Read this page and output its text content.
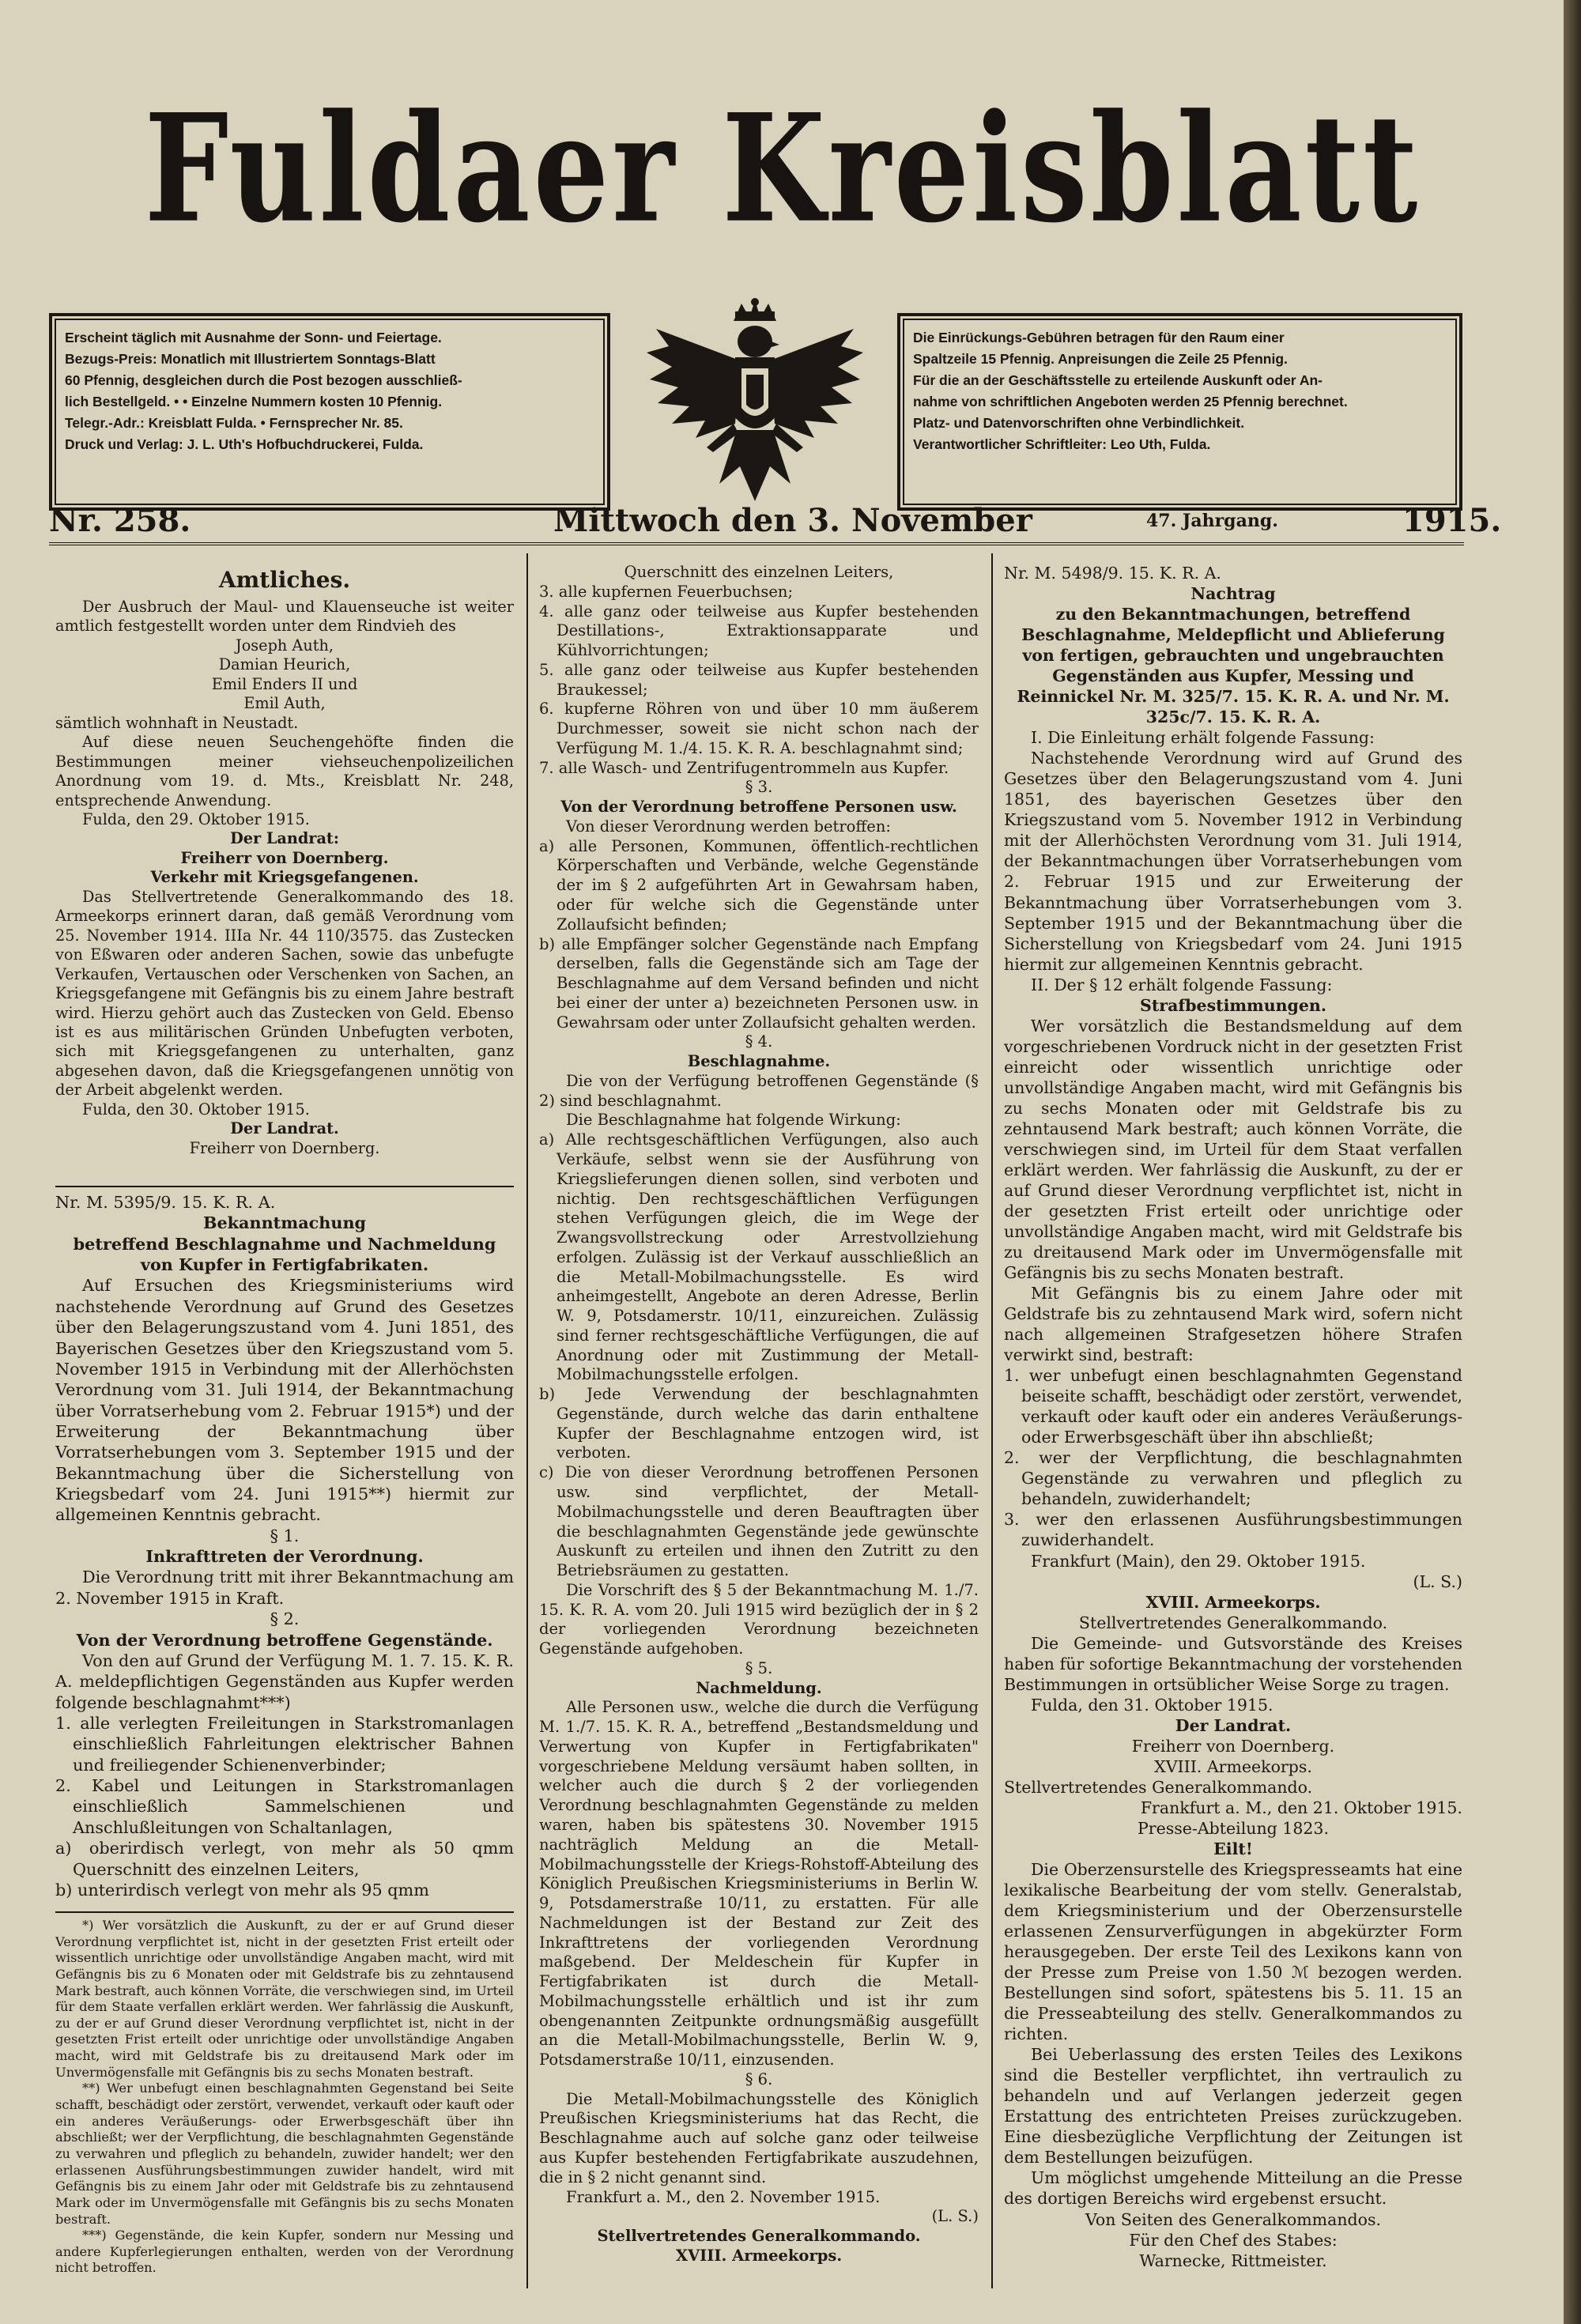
Fuldaer Kreisblatt
Erscheint täglich mit Ausnahme der Sonn- und Feiertage.
Bezugs-Preis: Monatlich mit Illustriertem Sonntags-Blatt
60 Pfennig, desgleichen durch die Post bezogen ausschließ-
lich Bestellgeld. • • Einzelne Nummern kosten 10 Pfennig.
Telegr.-Adr.: Kreisblatt Fulda. • Fernsprecher Nr. 85.
Druck und Verlag: J. L. Uth's Hofbuchdruckerei, Fulda.
Die Einrückungs-Gebühren betragen für den Raum einer
Spaltzeile 15 Pfennig. Anpreisungen die Zeile 25 Pfennig.
Für die an der Geschäftsstelle zu erteilende Auskunft oder An-
nahme von schriftlichen Angeboten werden 25 Pfennig berechnet.
Platz- und Datenvorschriften ohne Verbindlichkeit.
Verantwortlicher Schriftleiter: Leo Uth, Fulda.
Nr. 258.	Mittwoch den 3. November	47. Jahrgang.	1915.

Amtliches.

Der Ausbruch der Maul- und Klauenseuche ist weiter amtlich festgestellt worden unter dem Rindvieh des

Joseph Auth,

Damian Heurich,

Emil Enders II und

Emil Auth,

sämtlich wohnhaft in Neustadt.

Auf diese neuen Seuchengehöfte finden die Bestimmungen meiner viehseuchenpolizeilichen Anordnung vom 19. d. Mts., Kreisblatt Nr. 248, entsprechende Anwendung.

Fulda, den 29. Oktober 1915.

Der Landrat:

Freiherr von Doernberg.

Verkehr mit Kriegsgefangenen.

Das Stellvertretende Generalkommando des 18. Armeekorps erinnert daran, daß gemäß Verordnung vom 25. November 1914. IIIa Nr. 44 110/3575. das Zustecken von Eßwaren oder anderen Sachen, sowie das unbefugte Verkaufen, Vertauschen oder Verschenken von Sachen, an Kriegsgefangene mit Gefängnis bis zu einem Jahre bestraft wird. Hierzu gehört auch das Zustecken von Geld. Ebenso ist es aus militärischen Gründen Unbefugten verboten, sich mit Kriegsgefangenen zu unterhalten, ganz abgesehen davon, daß die Kriegsgefangenen unnötig von der Arbeit abgelenkt werden.

Fulda, den 30. Oktober 1915.

Der Landrat.

Freiherr von Doernberg.

Nr. M. 5395/9. 15. K. R. A.

Bekanntmachung

betreffend Beschlagnahme und Nachmeldung von Kupfer in Fertigfabrikaten.

Auf Ersuchen des Kriegsministeriums wird nachstehende Verordnung auf Grund des Gesetzes über den Belagerungszustand vom 4. Juni 1851, des Bayerischen Gesetzes über den Kriegszustand vom 5. November 1915 in Verbindung mit der Allerhöchsten Verordnung vom 31. Juli 1914, der Bekanntmachung über Vorratserhebung vom 2. Februar 1915*) und der Erweiterung der Bekanntmachung über Vorratserhebungen vom 3. September 1915 und der Bekanntmachung über die Sicherstellung von Kriegsbedarf vom 24. Juni 1915**) hiermit zur allgemeinen Kenntnis gebracht.

§ 1.

Inkrafttreten der Verordnung.

Die Verordnung tritt mit ihrer Bekanntmachung am 2. November 1915 in Kraft.

§ 2.

Von der Verordnung betroffene Gegenstände.

Von den auf Grund der Verfügung M. 1. 7. 15. K. R. A. meldepflichtigen Gegenständen aus Kupfer werden folgende beschlagnahmt***)

1. alle verlegten Freileitungen in Starkstromanlagen einschließlich Fahrleitungen elektrischer Bahnen und freiliegender Schienenverbinder;
2. Kabel und Leitungen in Starkstromanlagen einschließlich Sammelschienen und Anschlußleitungen von Schaltanlagen,
a) oberirdisch verlegt, von mehr als 50 qmm Querschnitt des einzelnen Leiters,
b) unterirdisch verlegt von mehr als 95 qmm

*) Wer vorsätzlich die Auskunft, zu der er auf Grund dieser Verordnung verpflichtet ist, nicht in der gesetzten Frist erteilt oder wissentlich unrichtige oder unvollständige Angaben macht, wird mit Gefängnis bis zu 6 Monaten oder mit Geldstrafe bis zu zehntausend Mark bestraft, auch können Vorräte, die verschwiegen sind, im Urteil für dem Staate verfallen erklärt werden. Wer fahrlässig die Auskunft, zu der er auf Grund dieser Verordnung verpflichtet ist, nicht in der gesetzten Frist erteilt oder unrichtige oder unvollständige Angaben macht, wird mit Geldstrafe bis zu dreitausend Mark oder im Unvermögensfalle mit Gefängnis bis zu sechs Monaten bestraft.

**) Wer unbefugt einen beschlagnahmten Gegenstand bei Seite schafft, beschädigt oder zerstört, verwendet, verkauft oder kauft oder ein anderes Veräußerungs- oder Erwerbsgeschäft über ihn abschließt; wer der Verpflichtung, die beschlagnahmten Gegenstände zu verwahren und pfleglich zu behandeln, zuwider handelt; wer den erlassenen Ausführungsbestimmungen zuwider handelt, wird mit Gefängnis bis zu einem Jahr oder mit Geldstrafe bis zu zehntausend Mark oder im Unvermögensfalle mit Gefängnis bis zu sechs Monaten bestraft.

***) Gegenstände, die kein Kupfer, sondern nur Messing und andere Kupferlegierungen enthalten, werden von der Verordnung nicht betroffen.

Querschnitt des einzelnen Leiters,

3. alle kupfernen Feuerbuchsen;
4. alle ganz oder teilweise aus Kupfer bestehenden Destillations-, Extraktionsapparate und Kühlvorrichtungen;
5. alle ganz oder teilweise aus Kupfer bestehenden Braukessel;
6. kupferne Röhren von und über 10 mm äußerem Durchmesser, soweit sie nicht schon nach der Verfügung M. 1./4. 15. K. R. A. beschlagnahmt sind;
7. alle Wasch- und Zentrifugentrommeln aus Kupfer.

§ 3.

Von der Verordnung betroffene Personen usw.

Von dieser Verordnung werden betroffen:

a) alle Personen, Kommunen, öffentlich-rechtlichen Körperschaften und Verbände, welche Gegenstände der im § 2 aufgeführten Art in Gewahrsam haben, oder für welche sich die Gegenstände unter Zollaufsicht befinden;
b) alle Empfänger solcher Gegenstände nach Empfang derselben, falls die Gegenstände sich am Tage der Beschlagnahme auf dem Versand befinden und nicht bei einer der unter a) bezeichneten Personen usw. in Gewahrsam oder unter Zollaufsicht gehalten werden.

§ 4.

Beschlagnahme.

Die von der Verfügung betroffenen Gegenstände (§ 2) sind beschlagnahmt.

Die Beschlagnahme hat folgende Wirkung:

a) Alle rechtsgeschäftlichen Verfügungen, also auch Verkäufe, selbst wenn sie der Ausführung von Kriegslieferungen dienen sollen, sind verboten und nichtig. Den rechtsgeschäftlichen Verfügungen stehen Verfügungen gleich, die im Wege der Zwangsvollstreckung oder Arrestvollziehung erfolgen. Zulässig ist der Verkauf ausschließlich an die Metall-Mobilmachungsstelle. Es wird anheimgestellt, Angebote an deren Adresse, Berlin W. 9, Potsdamerstr. 10/11, einzureichen. Zulässig sind ferner rechtsgeschäftliche Verfügungen, die auf Anordnung oder mit Zustimmung der Metall-Mobilmachungsstelle erfolgen.
b) Jede Verwendung der beschlagnahmten Gegenstände, durch welche das darin enthaltene Kupfer der Beschlagnahme entzogen wird, ist verboten.
c) Die von dieser Verordnung betroffenen Personen usw. sind verpflichtet, der Metall-Mobilmachungsstelle und deren Beauftragten über die beschlagnahmten Gegenstände jede gewünschte Auskunft zu erteilen und ihnen den Zutritt zu den Betriebsräumen zu gestatten.

Die Vorschrift des § 5 der Bekanntmachung M. 1./7. 15. K. R. A. vom 20. Juli 1915 wird bezüglich der in § 2 der vorliegenden Verordnung bezeichneten Gegenstände aufgehoben.

§ 5.

Nachmeldung.

Alle Personen usw., welche die durch die Verfügung M. 1./7. 15. K. R. A., betreffend „Bestandsmeldung und Verwertung von Kupfer in Fertigfabrikaten" vorgeschriebene Meldung versäumt haben sollten, in welcher auch die durch § 2 der vorliegenden Verordnung beschlagnahmten Gegenstände zu melden waren, haben bis spätestens 30. November 1915 nachträglich Meldung an die Metall-Mobilmachungsstelle der Kriegs-Rohstoff-Abteilung des Königlich Preußischen Kriegsministeriums in Berlin W. 9, Potsdamerstraße 10/11, zu erstatten. Für alle Nachmeldungen ist der Bestand zur Zeit des Inkrafttretens der vorliegenden Verordnung maßgebend. Der Meldeschein für Kupfer in Fertigfabrikaten ist durch die Metall-Mobilmachungsstelle erhältlich und ist ihr zum obengenannten Zeitpunkte ordnungsmäßig ausgefüllt an die Metall-Mobilmachungsstelle, Berlin W. 9, Potsdamerstraße 10/11, einzusenden.

§ 6.

Die Metall-Mobilmachungsstelle des Königlich Preußischen Kriegsministeriums hat das Recht, die Beschlagnahme auch auf solche ganz oder teilweise aus Kupfer bestehenden Fertigfabrikate auszudehnen, die in § 2 nicht genannt sind.

Frankfurt a. M., den 2. November 1915.

(L. S.)

Stellvertretendes Generalkommando.

XVIII. Armeekorps.

Nr. M. 5498/9. 15. K. R. A.

Nachtrag

zu den Bekanntmachungen, betreffend Beschlagnahme, Meldepflicht und Ablieferung von fertigen, gebrauchten und ungebrauchten Gegenständen aus Kupfer, Messing und Reinnickel Nr. M. 325/7. 15. K. R. A. und Nr. M. 325c/7. 15. K. R. A.

I. Die Einleitung erhält folgende Fassung:

Nachstehende Verordnung wird auf Grund des Gesetzes über den Belagerungszustand vom 4. Juni 1851, des bayerischen Gesetzes über den Kriegszustand vom 5. November 1912 in Verbindung mit der Allerhöchsten Verordnung vom 31. Juli 1914, der Bekanntmachungen über Vorratserhebungen vom 2. Februar 1915 und zur Erweiterung der Bekanntmachung über Vorratserhebungen vom 3. September 1915 und der Bekanntmachung über die Sicherstellung von Kriegsbedarf vom 24. Juni 1915 hiermit zur allgemeinen Kenntnis gebracht.

II. Der § 12 erhält folgende Fassung:

Strafbestimmungen.

Wer vorsätzlich die Bestandsmeldung auf dem vorgeschriebenen Vordruck nicht in der gesetzten Frist einreicht oder wissentlich unrichtige oder unvollständige Angaben macht, wird mit Gefängnis bis zu sechs Monaten oder mit Geldstrafe bis zu zehntausend Mark bestraft; auch können Vorräte, die verschwiegen sind, im Urteil für dem Staat verfallen erklärt werden. Wer fahrlässig die Auskunft, zu der er auf Grund dieser Verordnung verpflichtet ist, nicht in der gesetzten Frist erteilt oder unrichtige oder unvollständige Angaben macht, wird mit Geldstrafe bis zu dreitausend Mark oder im Unvermögensfalle mit Gefängnis bis zu sechs Monaten bestraft.

Mit Gefängnis bis zu einem Jahre oder mit Geldstrafe bis zu zehntausend Mark wird, sofern nicht nach allgemeinen Strafgesetzen höhere Strafen verwirkt sind, bestraft:

1. wer unbefugt einen beschlagnahmten Gegenstand beiseite schafft, beschädigt oder zerstört, verwendet, verkauft oder kauft oder ein anderes Veräußerungs- oder Erwerbsgeschäft über ihn abschließt;
2. wer der Verpflichtung, die beschlagnahmten Gegenstände zu verwahren und pfleglich zu behandeln, zuwiderhandelt;
3. wer den erlassenen Ausführungsbestimmungen zuwiderhandelt.

Frankfurt (Main), den 29. Oktober 1915.

(L. S.)

XVIII. Armeekorps.

Stellvertretendes Generalkommando.

Die Gemeinde- und Gutsvorstände des Kreises haben für sofortige Bekanntmachung der vorstehenden Bestimmungen in ortsüblicher Weise Sorge zu tragen.

Fulda, den 31. Oktober 1915.

Der Landrat.

Freiherr von Doernberg.

XVIII. Armeekorps.

Stellvertretendes Generalkommando.

Frankfurt a. M., den 21. Oktober 1915.

Presse-Abteilung 1823.

Eilt!

Die Oberzensurstelle des Kriegspresseamts hat eine lexikalische Bearbeitung der vom stellv. Generalstab, dem Kriegsministerium und der Oberzensurstelle erlassenen Zensurverfügungen in abgekürzter Form herausgegeben. Der erste Teil des Lexikons kann von der Presse zum Preise von 1.50 ℳ bezogen werden. Bestellungen sind sofort, spätestens bis 5. 11. 15 an die Presseabteilung des stellv. Generalkommandos zu richten.

Bei Ueberlassung des ersten Teiles des Lexikons sind die Besteller verpflichtet, ihn vertraulich zu behandeln und auf Verlangen jederzeit gegen Erstattung des entrichteten Preises zurückzugeben. Eine diesbezügliche Verpflichtung der Zeitungen ist dem Bestellungen beizufügen.

Um möglichst umgehende Mitteilung an die Presse des dortigen Bereichs wird ergebenst ersucht.

Von Seiten des Generalkommandos.

Für den Chef des Stabes:

Warnecke, Rittmeister.
